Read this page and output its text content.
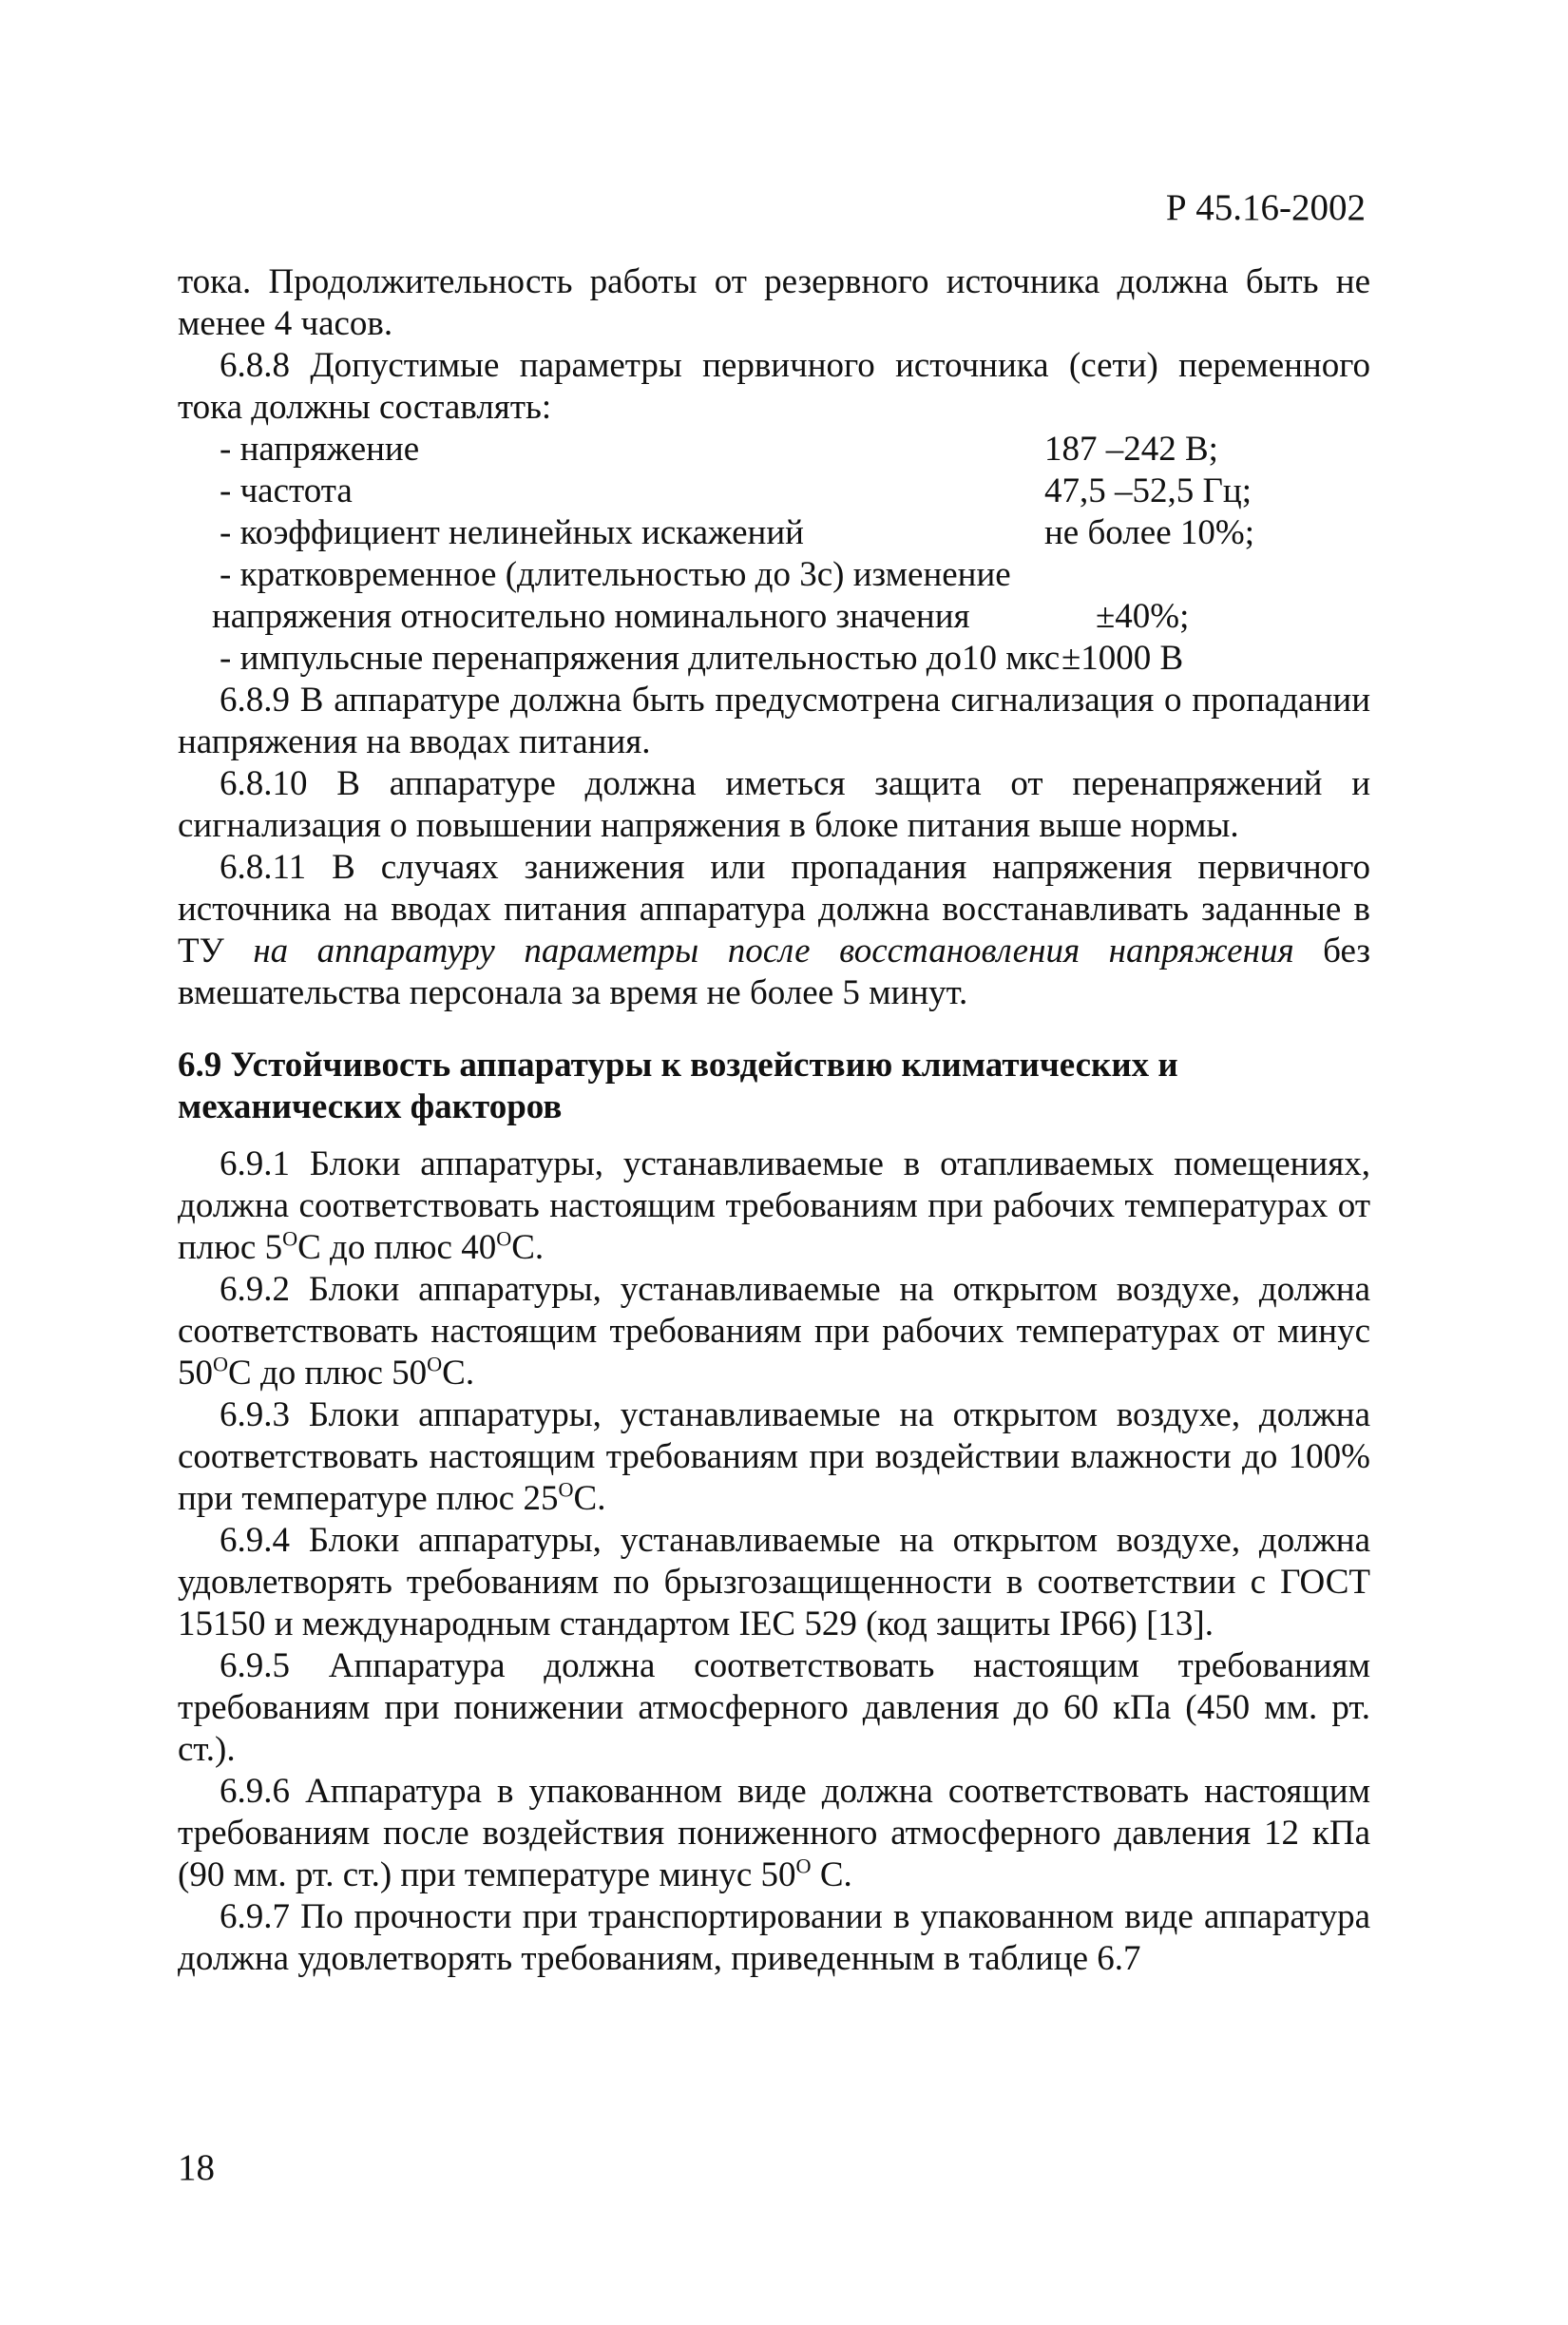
Р 45.16-2002

тока. Продолжительность работы от резервного источника должна быть не менее 4 часов.

6.8.8 Допустимые параметры первичного источника (сети) переменного тока должны составлять:

- напряжение	187 –242 В;
- частота	47,5 –52,5 Гц;
- коэффициент нелинейных искажений	не более 10%;
- кратковременное (длительностью до 3с) изменение
напряжения относительно номинального значения	±40%;
- импульсные перенапряжения длительностью до10 мкс ±1000 В

6.8.9 В аппаратуре должна быть предусмотрена сигнализация о пропадании напряжения на вводах питания.

6.8.10 В аппаратуре должна иметься защита от перенапряжений и сигнализация о повышении напряжения в блоке питания выше нормы.

6.8.11 В случаях занижения или пропадания напряжения первичного источника на вводах питания аппаратура должна восстанавливать заданные в ТУ на аппаратуру параметры после восстановления напряжения без вмешательства персонала за время не более 5 минут.

6.9 Устойчивость аппаратуры к воздействию климатических и механических факторов

6.9.1 Блоки аппаратуры, устанавливаемые в отапливаемых помещениях, должна соответствовать настоящим требованиям при рабочих температурах от плюс $5^OС$ до плюс $40^OС$.

6.9.2 Блоки аппаратуры, устанавливаемые на открытом воздухе, должна соответствовать настоящим требованиям при рабочих температурах от минус $50^OС$ до плюс $50^OС$.

6.9.3 Блоки аппаратуры, устанавливаемые на открытом воздухе, должна соответствовать настоящим требованиям при воздействии влажности до 100% при температуре плюс $25^OС$.

6.9.4 Блоки аппаратуры, устанавливаемые на открытом воздухе, должна удовлетворять требованиям по брызгозащищенности в соответствии с ГОСТ 15150 и международным стандартом IEC 529 (код защиты IP66) [13].

6.9.5 Аппаратура должна соответствовать настоящим требованиям требованиям при понижении атмосферного давления до 60 кПа (450 мм. рт. ст.).

6.9.6 Аппаратура в упакованном виде должна соответствовать настоящим требованиям после воздействия пониженного атмосферного давления 12 кПа (90 мм. рт. ст.) при температуре минус $50^O$ С.

6.9.7 По прочности при транспортировании в упакованном виде аппаратура должна удовлетворять требованиям, приведенным в таблице 6.7

18
